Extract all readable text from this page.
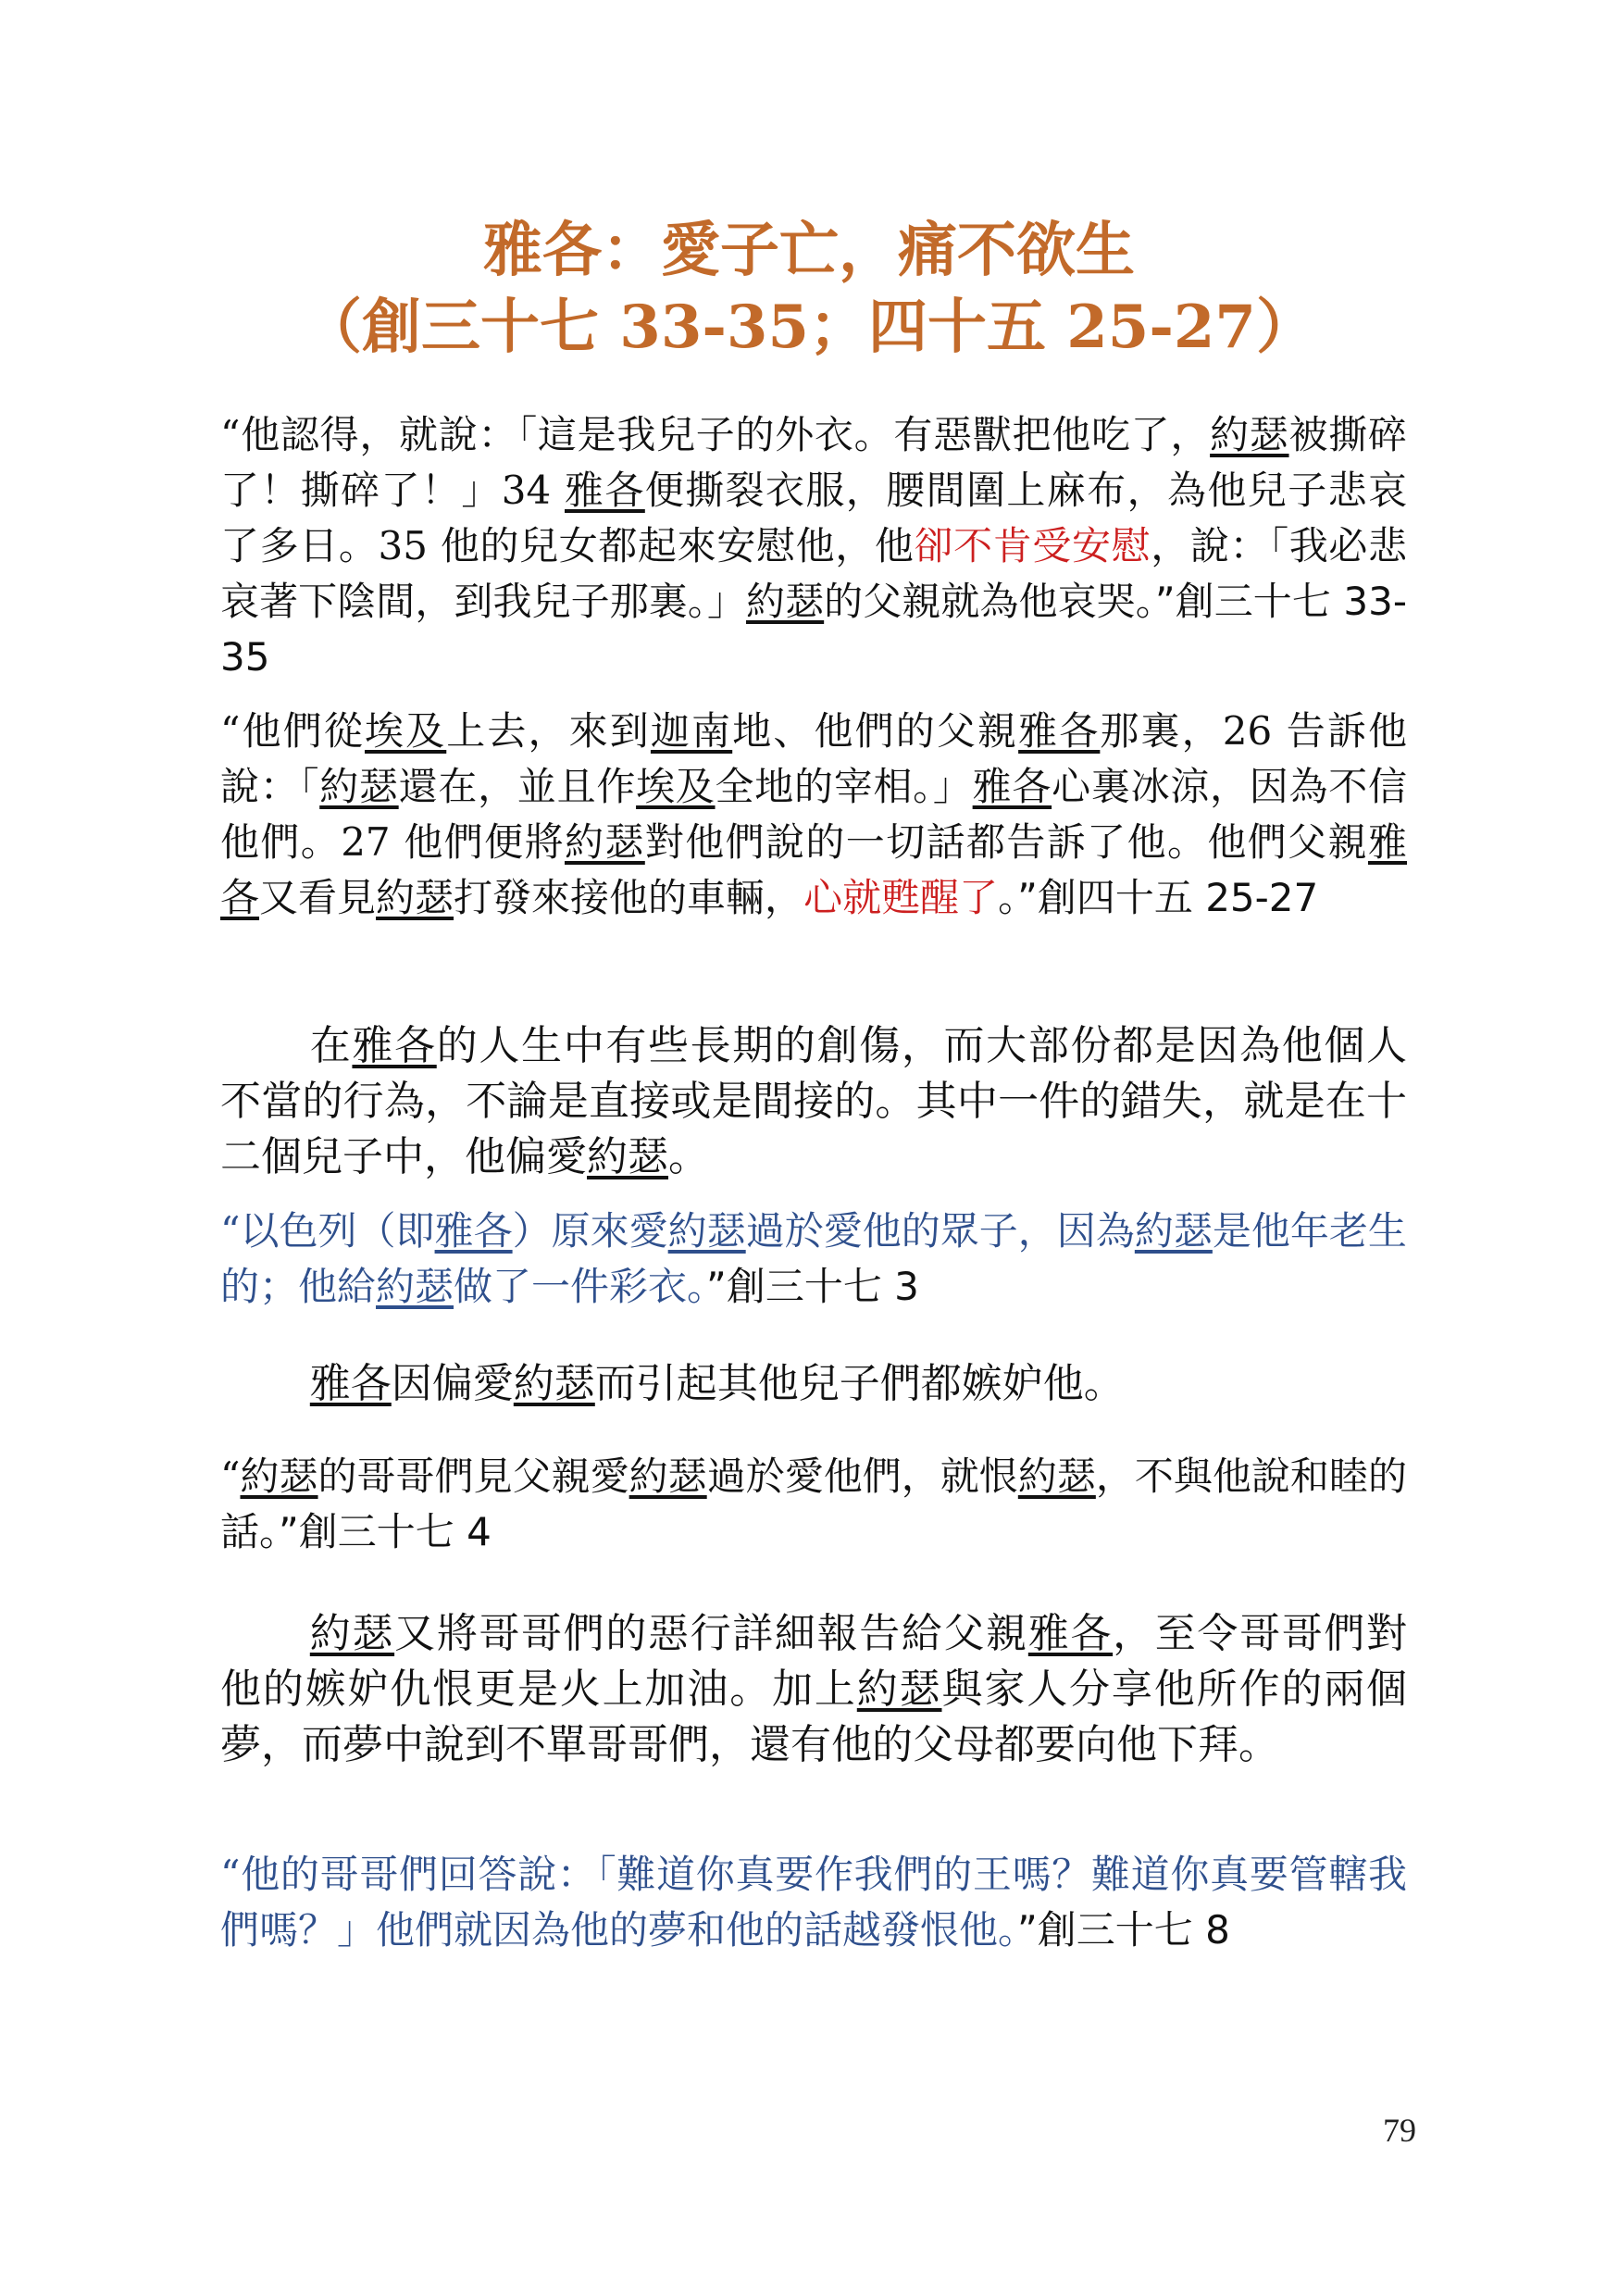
雅各：愛子亡，痛不欲生
（創三十七 33-35；四十五 25-27）

“他認得，就說：「這是我兒子的外衣。有惡獸把他吃了，約瑟被撕碎了！撕碎了！」34 雅各便撕裂衣服，腰間圍上麻布，為他兒子悲哀了多日。35 他的兒女都起來安慰他，他卻不肯受安慰，說：「我必悲哀著下陰間，到我兒子那裏。」約瑟的父親就為他哀哭。”創三十七 33-35

“他們從埃及上去，來到迦南地、他們的父親雅各那裏，26 告訴他說：「約瑟還在，並且作埃及全地的宰相。」雅各心裏冰涼，因為不信他們。27 他們便將約瑟對他們說的一切話都告訴了他。他們父親雅各又看見約瑟打發來接他的車輛，心就甦醒了。”創四十五 25-27

在雅各的人生中有些長期的創傷，而大部份都是因為他個人不當的行為，不論是直接或是間接的。其中一件的錯失，就是在十二個兒子中，他偏愛約瑟。

“以色列（即雅各）原來愛約瑟過於愛他的眾子，因為約瑟是他年老生的；他給約瑟做了一件彩衣。”創三十七 3

雅各因偏愛約瑟而引起其他兒子們都嫉妒他。

“約瑟的哥哥們見父親愛約瑟過於愛他們，就恨約瑟，不與他說和睦的話。”創三十七 4

約瑟又將哥哥們的惡行詳細報告給父親雅各，至令哥哥們對他的嫉妒仇恨更是火上加油。加上約瑟與家人分享他所作的兩個夢，而夢中說到不單哥哥們，還有他的父母都要向他下拜。

“他的哥哥們回答說：「難道你真要作我們的王嗎？難道你真要管轄我們嗎？」他們就因為他的夢和他的話越發恨他。”創三十七 8

79
